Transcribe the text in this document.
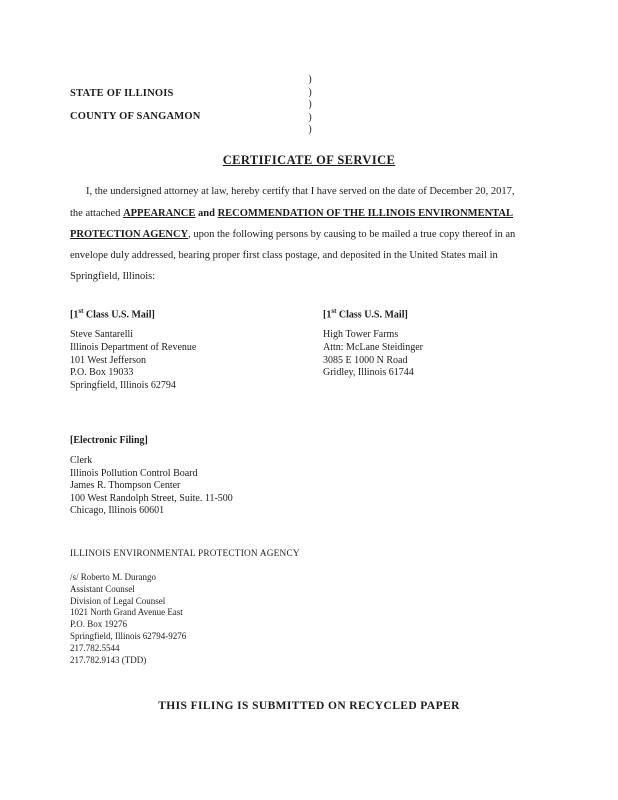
STATE OF ILLINOIS
COUNTY OF SANGAMON
)
)
)
)
)
CERTIFICATE OF SERVICE
I, the undersigned attorney at law, hereby certify that I have served on the date of December 20, 2017,
the attached APPEARANCE and RECOMMENDATION OF THE ILLINOIS ENVIRONMENTAL
PROTECTION AGENCY, upon the following persons by causing to be mailed a true copy thereof in an
envelope duly addressed, bearing proper first class postage, and deposited in the United States mail in
Springfield, Illinois:
[1st Class U.S. Mail]
Steve Santarelli
Illinois Department of Revenue
101 West Jefferson
P.O. Box 19033
Springfield, Illinois 62794
[1st Class U.S. Mail]
High Tower Farms
Attn: McLane Steidinger
3085 E 1000 N Road
Gridley, Illinois 61744
[Electronic Filing]
Clerk
Illinois Pollution Control Board
James R. Thompson Center
100 West Randolph Street, Suite. 11-500
Chicago, Illinois 60601
ILLINOIS ENVIRONMENTAL PROTECTION AGENCY
/s/ Roberto M. Durango
Assistant Counsel
Division of Legal Counsel
1021 North Grand Avenue East
P.O. Box 19276
Springfield, Illinois 62794-9276
217.782.5544
217.782.9143 (TDD)
THIS FILING IS SUBMITTED ON RECYCLED PAPER
